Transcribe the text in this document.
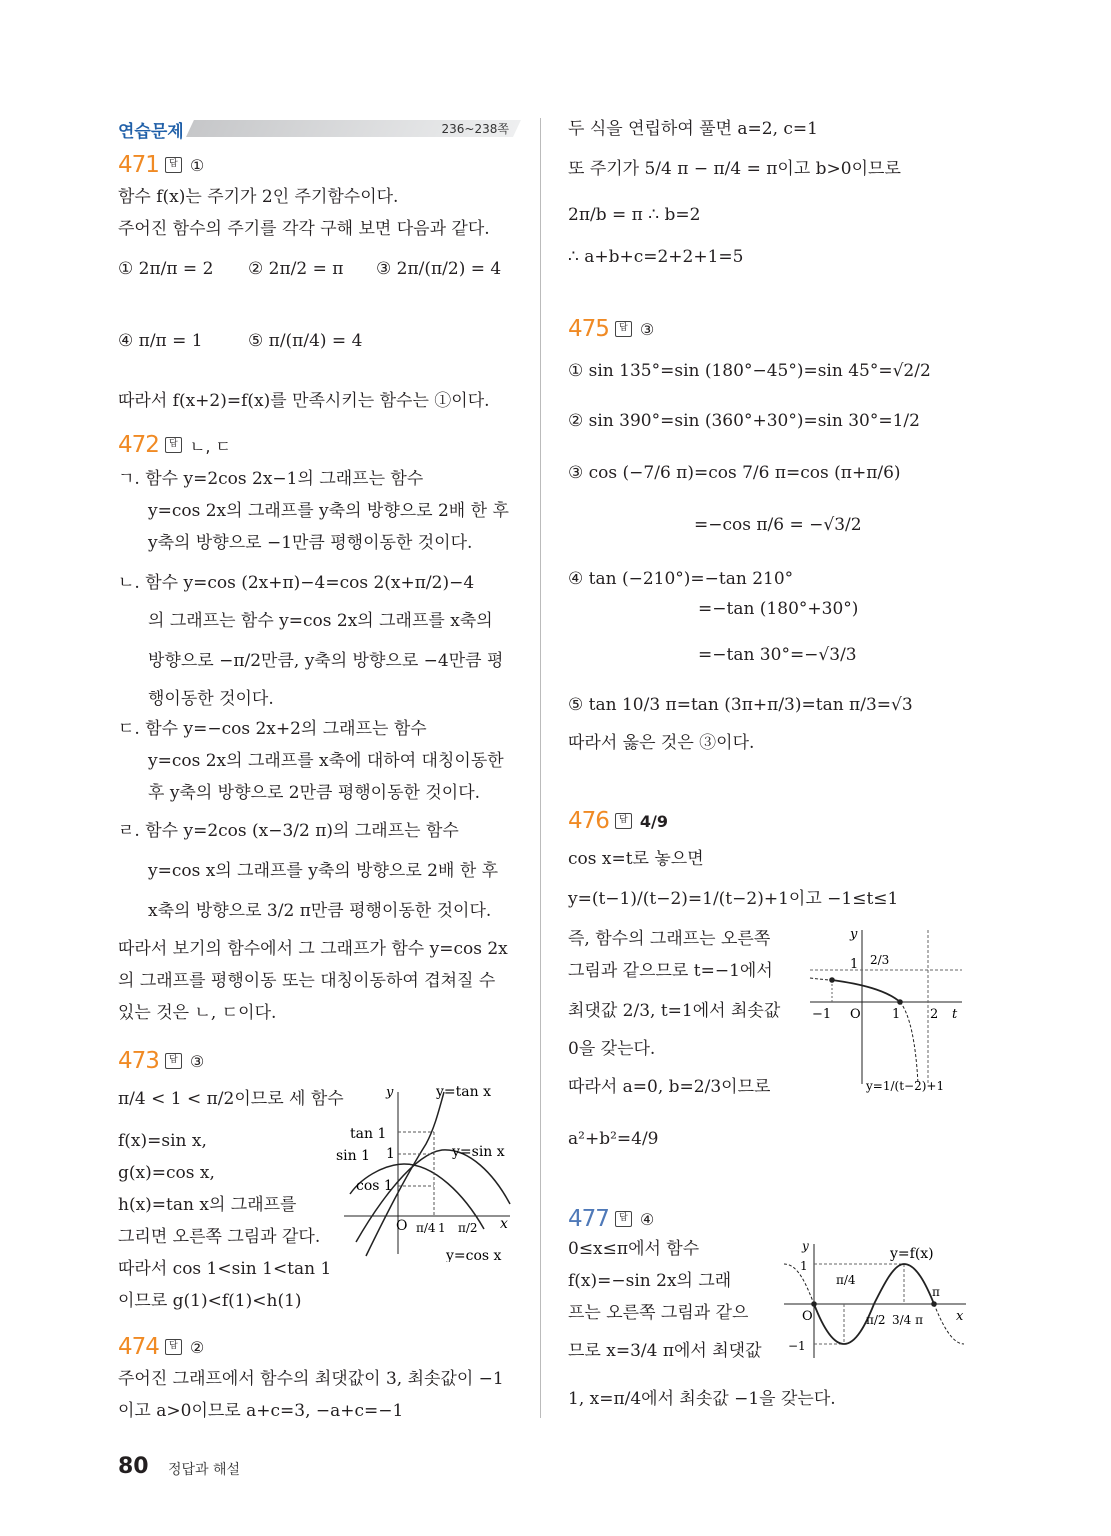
연습문제	236~238쪽
471	답 ①
함수 f(x)는 주기가 2인 주기함수이다.
주어진 함수의 주기를 각각 구해 보면 다음과 같다.
① 2π/π = 2 ② 2π/2 = π ③ 2π/(π/2) = 4
④ π/π = 1	⑤ π/(π/4) = 4
따라서 f(x+2)=f(x)를 만족시키는 함수는 ①이다.
472	답 ㄴ, ㄷ
ㄱ. 함수 y=2cos 2x−1의 그래프는 함수
y=cos 2x의 그래프를 y축의 방향으로 2배 한 후
y축의 방향으로 −1만큼 평행이동한 것이다.
ㄴ. 함수 y=cos (2x+π)−4=cos 2(x+π/2)−4
의 그래프는 함수 y=cos 2x의 그래프를 x축의
방향으로 −π/2만큼, y축의 방향으로 −4만큼 평
행이동한 것이다.
ㄷ. 함수 y=−cos 2x+2의 그래프는 함수
y=cos 2x의 그래프를 x축에 대하여 대칭이동한
후 y축의 방향으로 2만큼 평행이동한 것이다.
ㄹ. 함수 y=2cos (x−3/2 π)의 그래프는 함수
y=cos x의 그래프를 y축의 방향으로 2배 한 후
x축의 방향으로 3/2 π만큼 평행이동한 것이다.
따라서 보기의 함수에서 그 그래프가 함수 y=cos 2x
의 그래프를 평행이동 또는 대칭이동하여 겹쳐질 수
있는 것은 ㄴ, ㄷ이다.
473	답 ③
π/4 < 1 < π/2이므로 세 함수
f(x)=sin x,
g(x)=cos x,
h(x)=tan x의 그래프를
그리면 오른쪽 그림과 같다.
따라서 cos 1<sin 1<tan 1
이므로 g(1)<f(1)<h(1)
y	y=tan x
tan 1
sin 1 1	y=sin x
cos 1
O π/4 1 π/2 x
y=cos x
474	답 ②
주어진 그래프에서 함수의 최댓값이 3, 최솟값이 −1
이고 a>0이므로 a+c=3, −a+c=−1
두 식을 연립하여 풀면 a=2, c=1
또 주기가 5/4 π − π/4 = π이고 b>0이므로
2π/b = π ∴ b=2
∴ a+b+c=2+2+1=5
475	답 ③
① sin 135°=sin (180°−45°)=sin 45°=√2/2
② sin 390°=sin (360°+30°)=sin 30°=1/2
③ cos (−7/6 π)=cos 7/6 π=cos (π+π/6)
=−cos π/6 = −√3/2
④ tan (−210°)=−tan 210°
=−tan (180°+30°)
=−tan 30°=−√3/3
⑤ tan 10/3 π=tan (3π+π/3)=tan π/3=√3
따라서 옳은 것은 ③이다.
476	답 4/9
cos x=t로 놓으면
y=(t−1)/(t−2)=1/(t−2)+1이고 −1≤t≤1
즉, 함수의 그래프는 오른쪽
그림과 같으므로 t=−1에서
최댓값 2/3, t=1에서 최솟값
0을 갖는다.
따라서 a=0, b=2/3이므로
a²+b²=4/9
y
1 2/3
−1 O 1 2 t
y=1/(t−2)+1
477	답 ④
0≤x≤π에서 함수
f(x)=−sin 2x의 그래
프는 오른쪽 그림과 같으
므로 x=3/4 π에서 최댓값
1, x=π/4에서 최솟값 −1을 갖는다.
y	y=f(x)
1
π/4
O	π/2 3/4 π
π
x
−1
80 정답과 해설
